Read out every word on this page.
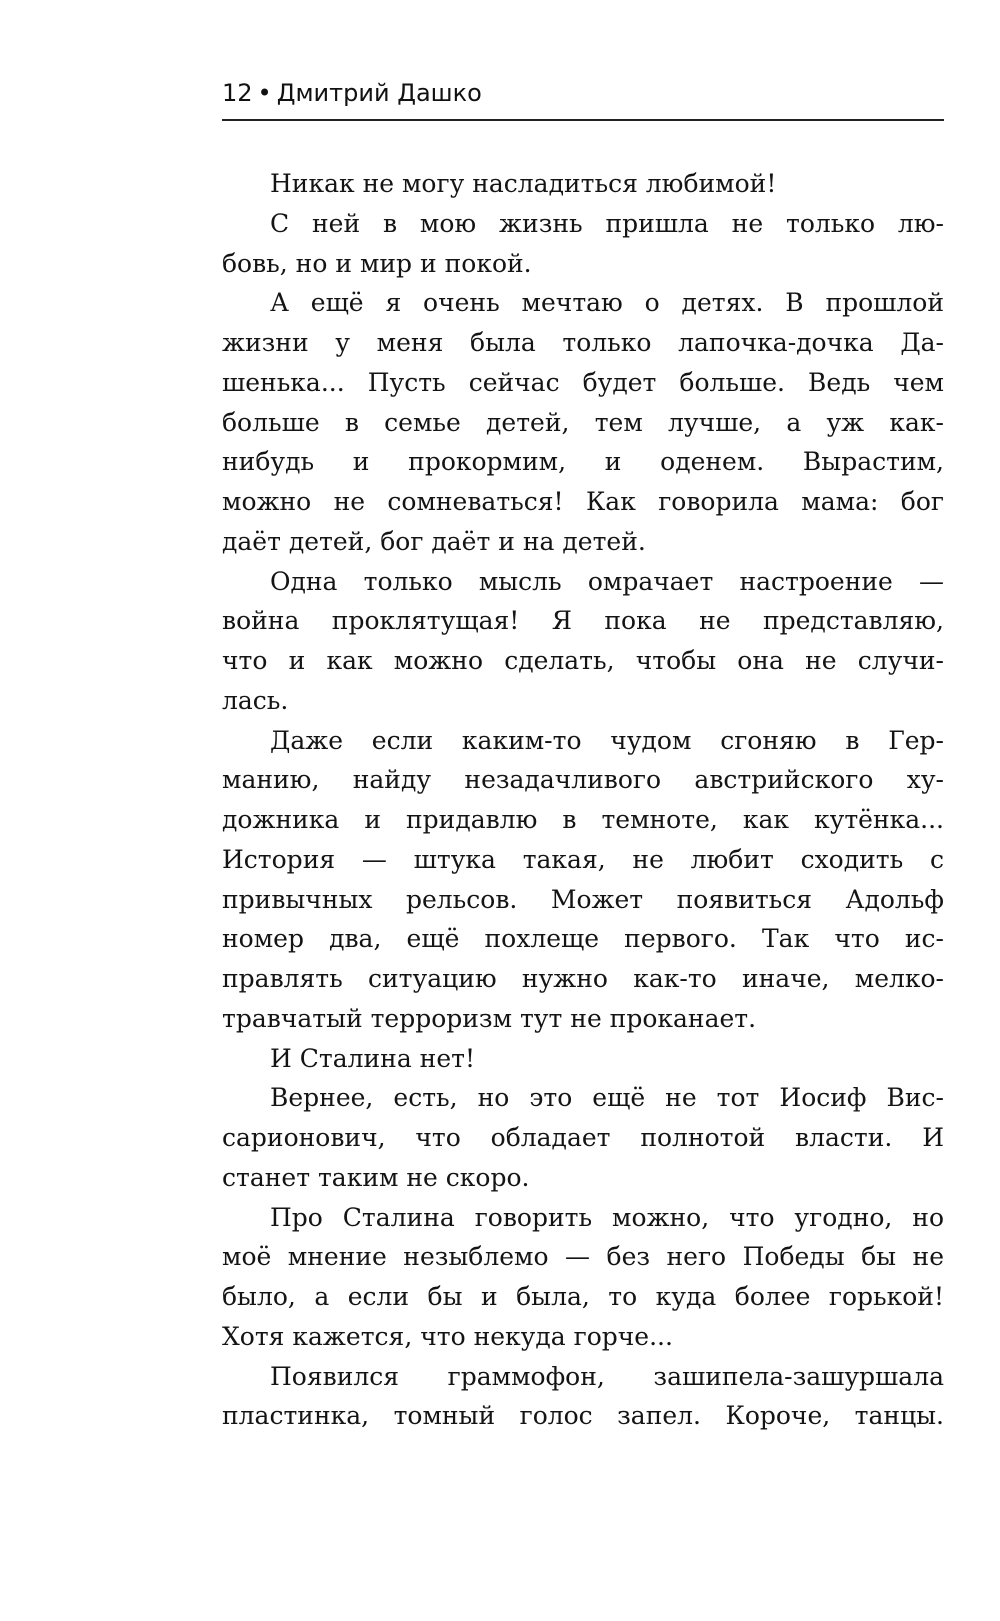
12 • Дмитрий Дашко
Никак не могу насладиться любимой!
С ней в мою жизнь пришла не только лю-
бовь, но и мир и покой.
А ещё я очень мечтаю о детях. В прошлой
жизни у меня была только лапочка-дочка Да-
шенька... Пусть сейчас будет больше. Ведь чем
больше в семье детей, тем лучше, а уж как-
нибудь и прокормим, и оденем. Вырастим,
можно не сомневаться! Как говорила мама: бог
даёт детей, бог даёт и на детей.
Одна только мысль омрачает настроение —
война проклятущая! Я пока не представляю,
что и как можно сделать, чтобы она не случи-
лась.
Даже если каким-то чудом сгоняю в Гер-
манию, найду незадачливого австрийского ху-
дожника и придавлю в темноте, как кутёнка...
История — штука такая, не любит сходить с
привычных рельсов. Может появиться Адольф
номер два, ещё похлеще первого. Так что ис-
правлять ситуацию нужно как-то иначе, мелко-
травчатый терроризм тут не проканает.
И Сталина нет!
Вернее, есть, но это ещё не тот Иосиф Вис-
сарионович, что обладает полнотой власти. И
станет таким не скоро.
Про Сталина говорить можно, что угодно, но
моё мнение незыблемо — без него Победы бы не
было, а если бы и была, то куда более горькой!
Хотя кажется, что некуда горче...
Появился граммофон, зашипела-зашуршала
пластинка, томный голос запел. Короче, танцы.
